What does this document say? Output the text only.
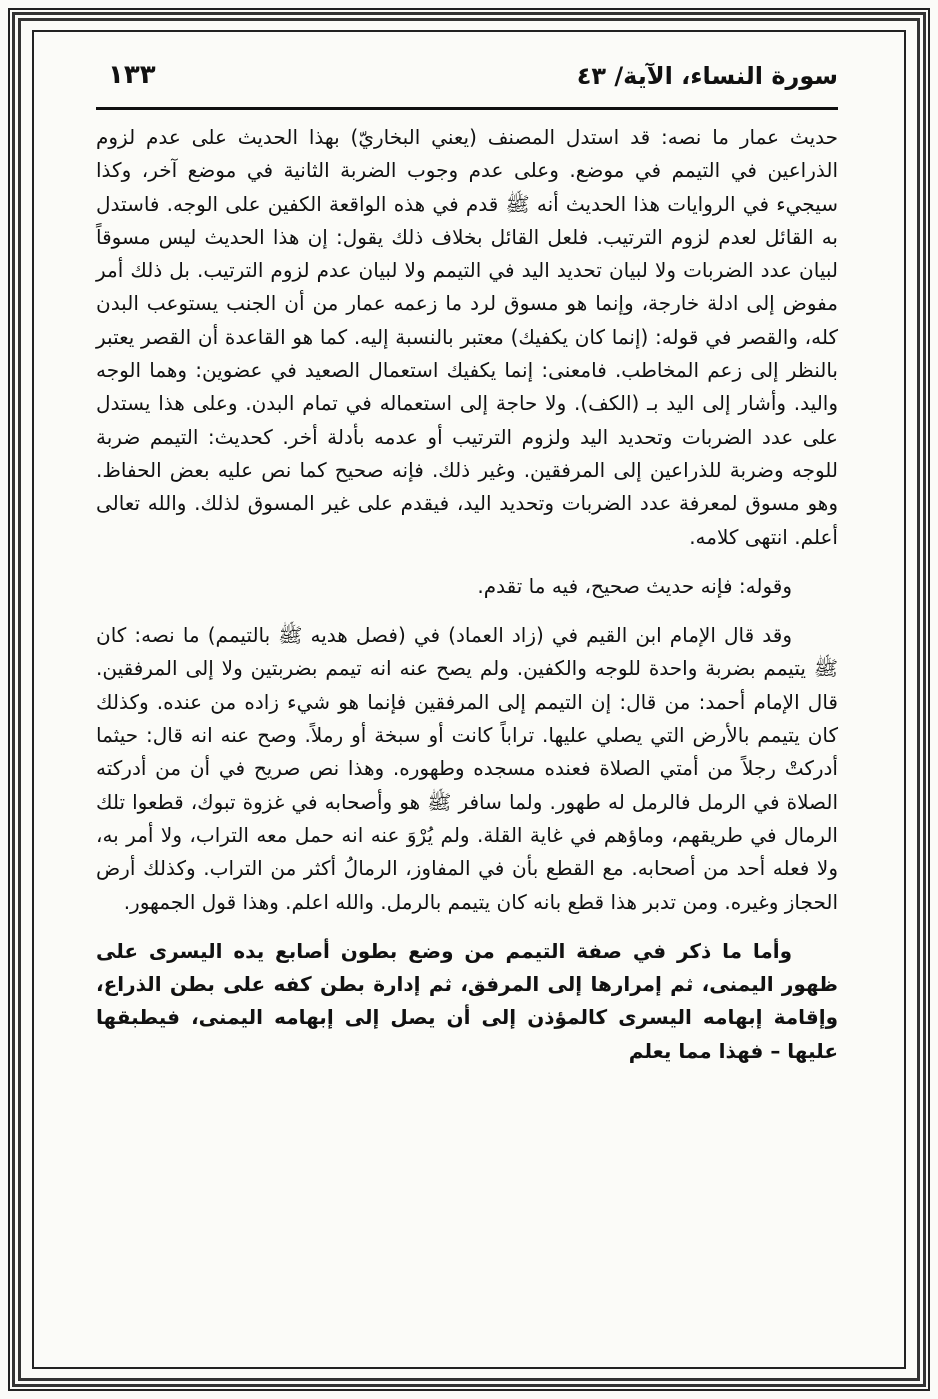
سورة النساء، الآية/ ٤٣
١٣٣

حديث عمار ما نصه: قد استدل المصنف (يعني البخاريّ) بهذا الحديث على عدم لزوم الذراعين في التيمم في موضع. وعلى عدم وجوب الضربة الثانية في موضع آخر، وكذا سيجيء في الروايات هذا الحديث أنه ﷺ قدم في هذه الواقعة الكفين على الوجه. فاستدل به القائل لعدم لزوم الترتيب. فلعل القائل بخلاف ذلك يقول: إن هذا الحديث ليس مسوقاً لبيان عدد الضربات ولا لبيان تحديد اليد في التيمم ولا لبيان عدم لزوم الترتيب. بل ذلك أمر مفوض إلى ادلة خارجة، وإنما هو مسوق لرد ما زعمه عمار من أن الجنب يستوعب البدن كله، والقصر في قوله: (إنما كان يكفيك) معتبر بالنسبة إليه. كما هو القاعدة أن القصر يعتبر بالنظر إلى زعم المخاطب. فامعنى: إنما يكفيك استعمال الصعيد في عضوين: وهما الوجه واليد. وأشار إلى اليد بـ (الكف). ولا حاجة إلى استعماله في تمام البدن. وعلى هذا يستدل على عدد الضربات وتحديد اليد ولزوم الترتيب أو عدمه بأدلة أخر. كحديث: التيمم ضربة للوجه وضربة للذراعين إلى المرفقين. وغير ذلك. فإنه صحيح كما نص عليه بعض الحفاظ. وهو مسوق لمعرفة عدد الضربات وتحديد اليد، فيقدم على غير المسوق لذلك. والله تعالى أعلم. انتهى كلامه.

وقوله: فإنه حديث صحيح، فيه ما تقدم.

وقد قال الإمام ابن القيم في (زاد العماد) في (فصل هديه ﷺ بالتيمم) ما نصه: كان ﷺ يتيمم بضربة واحدة للوجه والكفين. ولم يصح عنه انه تيمم بضربتين ولا إلى المرفقين. قال الإمام أحمد: من قال: إن التيمم إلى المرفقين فإنما هو شيء زاده من عنده. وكذلك كان يتيمم بالأرض التي يصلي عليها. تراباً كانت أو سبخة أو رملاً. وصح عنه انه قال: حيثما أدركتْ رجلاً من أمتي الصلاة فعنده مسجده وطهوره. وهذا نص صريح في أن من أدركته الصلاة في الرمل فالرمل له طهور. ولما سافر ﷺ هو وأصحابه في غزوة تبوك، قطعوا تلك الرمال في طريقهم، وماؤهم في غاية القلة. ولم يُرْوَ عنه انه حمل معه التراب، ولا أمر به، ولا فعله أحد من أصحابه. مع القطع بأن في المفاوز، الرمالُ أكثر من التراب. وكذلك أرض الحجاز وغيره. ومن تدبر هذا قطع بانه كان يتيمم بالرمل. والله اعلم. وهذا قول الجمهور.

وأما ما ذكر في صفة التيمم من وضع بطون أصابع يده اليسرى على ظهور اليمنى، ثم إمرارها إلى المرفق، ثم إدارة بطن كفه على بطن الذراع، وإقامة إبهامه اليسرى كالمؤذن إلى أن يصل إلى إبهامه اليمنى، فيطبقها عليها – فهذا مما يعلم
